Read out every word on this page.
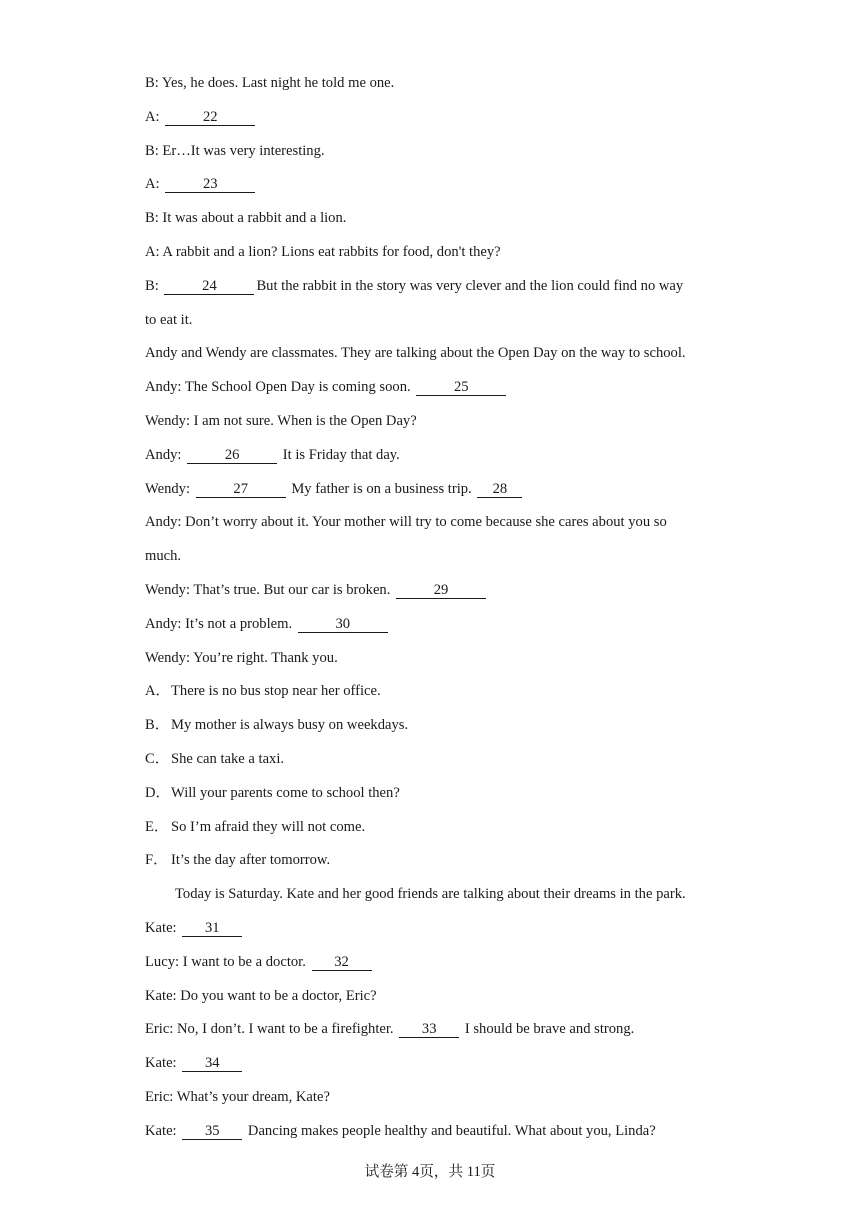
B: Yes, he does. Last night he told me one.
A:	22
B: Er…It was very interesting.
A:	23
B: It was about a rabbit and a lion.
A: A rabbit and a lion? Lions eat rabbits for food, don't they?
B:	24	But the rabbit in the story was very clever and the lion could find no way
to eat it.
Andy and Wendy are classmates. They are talking about the Open Day on the way to school.
Andy: The School Open Day is coming soon.	25
Wendy: I am not sure. When is the Open Day?
Andy:	26	It is Friday that day.
Wendy:	27	My father is on a business trip. 28
Andy: Don’t worry about it. Your mother will try to come because she cares about you so
much.
Wendy: That’s true. But our car is broken.	29
Andy: It’s not a problem.	30
Wendy: You’re right. Thank you.
A．There is no bus stop near her office.
B． My mother is always busy on weekdays.
C． She can take a taxi.
D．Will your parents come to school then?
E． So I’m afraid they will not come.
F． It’s the day after tomorrow.
Today is Saturday. Kate and her good friends are talking about their dreams in the park.
Kate: 31
Lucy: I want to be a doctor. 32
Kate: Do you want to be a doctor, Eric?
Eric: No, I don’t. I want to be a firefighter. 33 I should be brave and strong.
Kate: 34
Eric: What’s your dream, Kate?
Kate: 35 Dancing makes people healthy and beautiful. What about you, Linda?
试卷第 4页，共 11页
